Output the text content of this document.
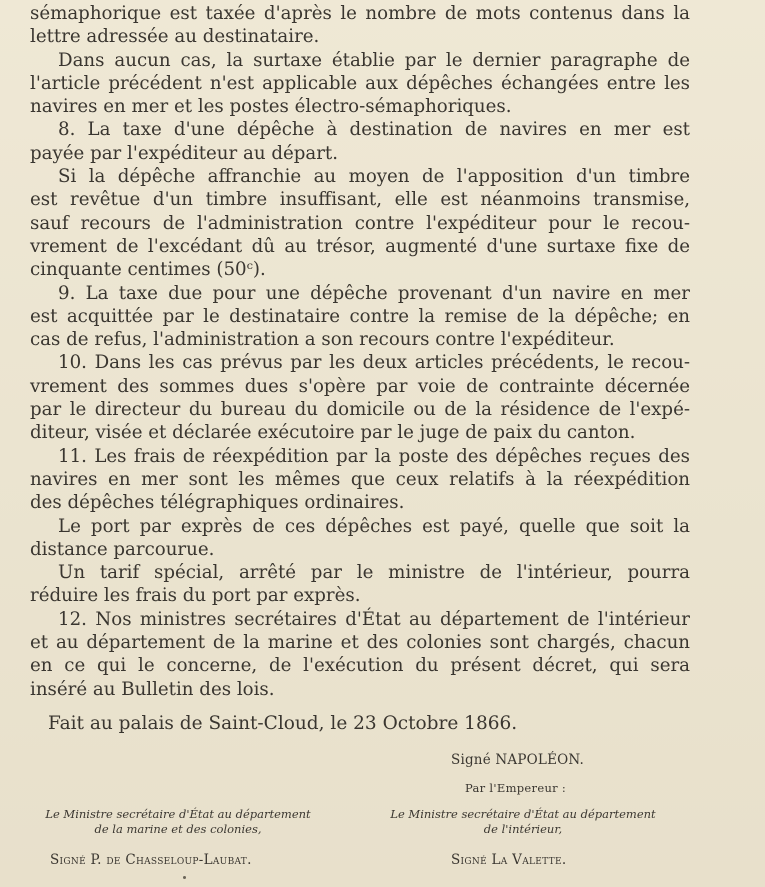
sémaphorique est taxée d'après le nombre de mots contenus dans la
lettre adressée au destinataire.
Dans aucun cas, la surtaxe établie par le dernier paragraphe de
l'article précédent n'est applicable aux dépêches échangées entre les
navires en mer et les postes électro-sémaphoriques.
8. La taxe d'une dépêche à destination de navires en mer est
payée par l'expéditeur au départ.
Si la dépêche affranchie au moyen de l'apposition d'un timbre
est revêtue d'un timbre insuffisant, elle est néanmoins transmise,
sauf recours de l'administration contre l'expéditeur pour le recou-
vrement de l'excédant dû au trésor, augmenté d'une surtaxe fixe de
cinquante centimes (50ᶜ).
9. La taxe due pour une dépêche provenant d'un navire en mer
est acquittée par le destinataire contre la remise de la dépêche; en
cas de refus, l'administration a son recours contre l'expéditeur.
10. Dans les cas prévus par les deux articles précédents, le recou-
vrement des sommes dues s'opère par voie de contrainte décernée
par le directeur du bureau du domicile ou de la résidence de l'expé-
diteur, visée et déclarée exécutoire par le juge de paix du canton.
11. Les frais de réexpédition par la poste des dépêches reçues des
navires en mer sont les mêmes que ceux relatifs à la réexpédition
des dépêches télégraphiques ordinaires.
Le port par exprès de ces dépêches est payé, quelle que soit la
distance parcourue.
Un tarif spécial, arrêté par le ministre de l'intérieur, pourra
réduire les frais du port par exprès.
12. Nos ministres secrétaires d'État au département de l'intérieur
et au département de la marine et des colonies sont chargés, chacun
en ce qui le concerne, de l'exécution du présent décret, qui sera
inséré au Bulletin des lois.
Fait au palais de Saint-Cloud, le 23 Octobre 1866.
Signé NAPOLÉON.
Par l'Empereur :
Le Ministre secrétaire d'État au département
de la marine et des colonies,
Le Ministre secrétaire d'État au département
de l'intérieur,
Signé P. de Chasseloup-Laubat.	Signé La Valette.
